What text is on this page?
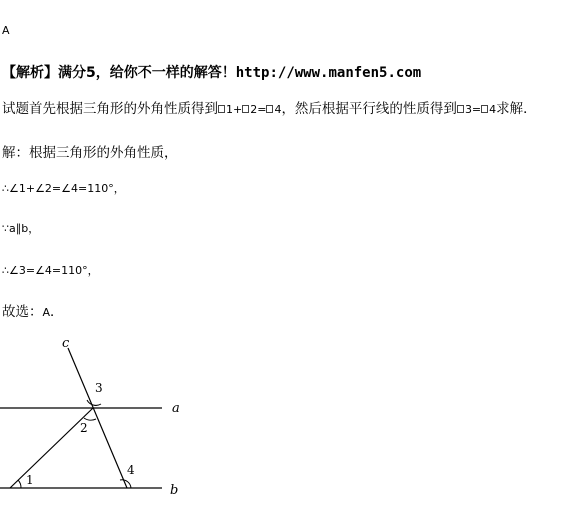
A
【解析】满分5，给你不一样的解答！http://www.manfen5.com
试题首先根据三角形的外角性质得到 1+ 2= 4，然后根据平行线的性质得到 3= 4求解．
解：根据三角形的外角性质，
∴∠1+∠2=∠4=110°，
∵a∥b，
∴∠3=∠4=110°，
故选：A．
c
a
b
3
2
4
1
